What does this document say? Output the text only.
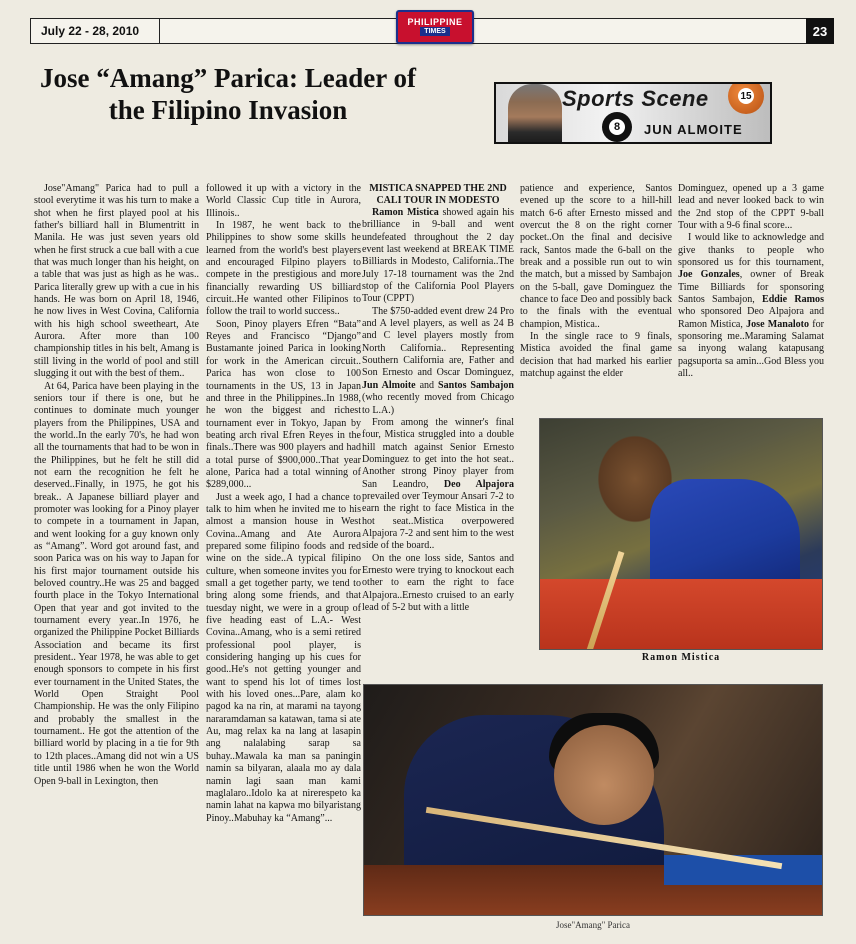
July 22 - 28, 2010
PHILIPPINE
TIMES	23
Jose “Amang” Parica: Leader of the Filipino Invasion	Sports Scene
8
15
JUN ALMOITE

Jose"Amang" Parica had to pull a stool everytime it was his turn to make a shot when he first played pool at his father's billiard hall in Blumentritt in Manila. He was just seven years old when he first struck a cue ball with a cue that was much longer than his height, on a table that was just as high as he was.. Parica literally grew up with a cue in his hands. He was born on April 18, 1946, he now lives in West Covina, California with his high school sweetheart, Ate Aurora. After more than 100 championship titles in his belt, Amang is still living in the world of pool and still slugging it out with the best of them..

At 64, Parica have been playing in the seniors tour if there is one, but he continues to dominate much younger players from the Philippines, USA and the world..In the early 70's, he had won all the tournaments that had to be won in the Philippines, but he felt he still did not earn the recognition he felt he deserved..Finally, in 1975, he got his break.. A Japanese billiard player and promoter was looking for a Pinoy player to compete in a tournament in Japan, and went looking for a guy known only as “Amang”. Word got around fast, and soon Parica was on his way to Japan for his first major tournament outside his beloved country..He was 25 and bagged fourth place in the Tokyo International Open that year and got invited to the tournament every year..In 1976, he organized the Philippine Pocket Billiards Association and became its first president.. Year 1978, he was able to get enough sponsors to compete in his first ever tournament in the United States, the World Open Straight Pool Championship. He was the only Filipino and probably the smallest in the tournament.. He got the attention of the billiard world by placing in a tie for 9th to 12th places..Amang did not win a US title until 1986 when he won the World Open 9-ball in Lexington, then

followed it up with a victory in the World Classic Cup title in Aurora, Illinois..

In 1987, he went back to the Philippines to show some skills he learned from the world's best players and encouraged Filpino players to compete in the prestigious and more financially rewarding US billiard circuit..He wanted other Filipinos to follow the trail to world success..

Soon, Pinoy players Efren “Bata” Reyes and Francisco “Django” Bustamante joined Parica in looking for work in the American circuit.. Parica has won close to 100 tournaments in the US, 13 in Japan and three in the Philippines..In 1988, he won the biggest and richest tournament ever in Tokyo, Japan by beating arch rival Efren Reyes in the finals..There was 900 players and had a total purse of $900,000..That year alone, Parica had a total winning of $289,000...

Just a week ago, I had a chance to talk to him when he invited me to his almost a mansion house in West Covina..Amang and Ate Aurora prepared some filipino foods and red wine on the side..A typical filipino culture, when someone invites you for small a get together party, we tend to bring along some friends, and that tuesday night, we were in a group of five heading east of L.A.- West Covina..Amang, who is a semi retired professional pool player, is considering hanging up his cues for good..He's not getting younger and want to spend his lot of times lost with his loved ones...Pare, alam ko pagod ka na rin, at marami na tayong nararamdaman sa katawan, tama si ate Au, mag relax ka na lang at lasapin ang nalalabing sarap sa buhay..Mawala ka man sa paningin namin sa bilyaran, alaala mo ay dala namin lagi saan man kami maglalaro..Idolo ka at nireresp​eto ka namin lahat na kapwa mo bilyaristang Pinoy..Mabuhay ka “Amang”...

MISTICA SNAPPED THE 2ND CALI TOUR IN MODESTO

Ramon Mistica showed again his brilliance in 9-ball and went undefeated throughout the 2 day event last weekend at BREAK TIME Billiards in Modesto, California..The July 17-18 tournament was the 2nd stop of the California Pool Players Tour (CPPT)

The $750-added event drew 24 Pro and A level players, as well as 24 B and C level players mostly from North California.. Representing Southern California are, Father and Son Ernesto and Oscar Dominguez, Jun Almoite and Santos Sambajon (who recently moved from Chicago to L.A.)

From among the winner's final four, Mistica struggled into a double hill match against Senior Ernesto Dominguez to get into the hot seat.. Another strong Pinoy player from San Leandro, Deo Alpajora prevailed over Teymour Ansari 7-2 to earn the right to face Mistica in the hot seat..Mistica overpowered Alpajora 7-2 and sent him to the west side of the board..

On the one loss side, Santos and Ernesto were trying to knockout each other to earn the right to face Alpajora..Ernesto cruised to an early lead of 5-2 but with a little

patience and experience, Santos evened up the score to a hill-hill match 6-6 after Ernesto missed and overcut the 8 on the right corner pocket..On the final and decisive rack, Santos made the 6-ball on the break and a possible run out to win the match, but a missed by Sambajon on the 5-ball, gave Dominguez the chance to face Deo and possibly back to the finals with the eventual champion, Mistica..

In the single race to 9 finals, Mistica avoided the final game decision that had marked his earlier matchup against the elder

Dominguez, opened up a 3 game lead and never looked back to win the 2nd stop of the CPPT 9-ball Tour with a 9-6 final score...

I would like to acknowledge and give thanks to people who sponsored us for this tournament, Joe Gonzales, owner of Break Time Billiards for sponsoring Santos Sambajon, Eddie Ramos who sponsored Deo Alpajora and Ramon Mistica, Jose Manaloto for sponsoring me..Maraming Salamat sa inyong walang katapusang pagsuporta sa amin...God Bless you all..

Ramon Mistica
Jose"Amang" Parica
